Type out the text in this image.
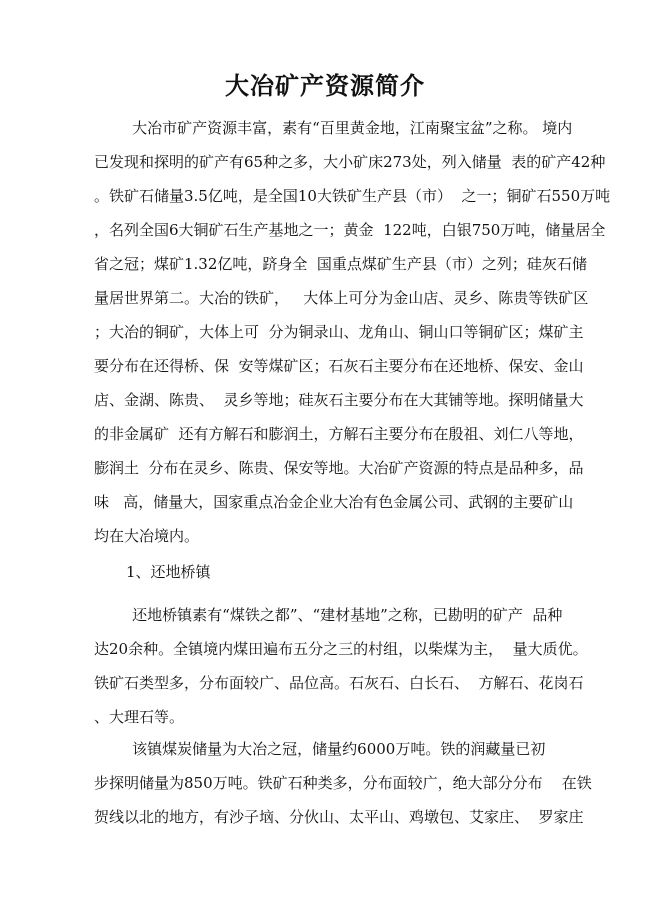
大冶矿产资源简介
大冶市矿产资源丰富，素有“百里黄金地，江南聚宝盆”之称。 境内
已发现和探明的矿产有65种之多，大小矿床273处，列入储量  表的矿产42种
。铁矿石储量3.5亿吨，是全国10大铁矿生产县（市）  之一；铜矿石550万吨
，名列全国6大铜矿石生产基地之一；黄金  122吨，白银750万吨，储量居全
省之冠；煤矿1.32亿吨，跻身全  国重点煤矿生产县（市）之列；硅灰石储
量居世界第二。大冶的铁矿，   大体上可分为金山店、灵乡、陈贵等铁矿区
；大冶的铜矿，大体上可  分为铜录山、龙角山、铜山口等铜矿区；煤矿主
要分布在还得桥、保  安等煤矿区；石灰石主要分布在还地桥、保安、金山
店、金湖、陈贵、  灵乡等地；硅灰石主要分布在大萁铺等地。探明储量大
的非金属矿  还有方解石和膨润土，方解石主要分布在殷祖、刘仁八等地，
膨润土  分布在灵乡、陈贵、保安等地。大冶矿产资源的特点是品种多，品
味   高，储量大，国家重点冶金企业大冶有色金属公司、武钢的主要矿山
均在大冶境内。
1、还地桥镇
还地桥镇素有“煤铁之都”、“建材基地”之称，已勘明的矿产  品种
达20余种。全镇境内煤田遍布五分之三的村组，以柴煤为主，  量大质优。
铁矿石类型多，分布面较广、品位高。石灰石、白长石、  方解石、花岗石
、大理石等。
该镇煤炭储量为大冶之冠，储量约6000万吨。铁的润藏量已初
步探明储量为850万吨。铁矿石种类多，分布面较广，绝大部分分布    在铁
贺线以北的地方，有沙子垴、分伙山、太平山、鸡墩包、艾家庄、  罗家庄
